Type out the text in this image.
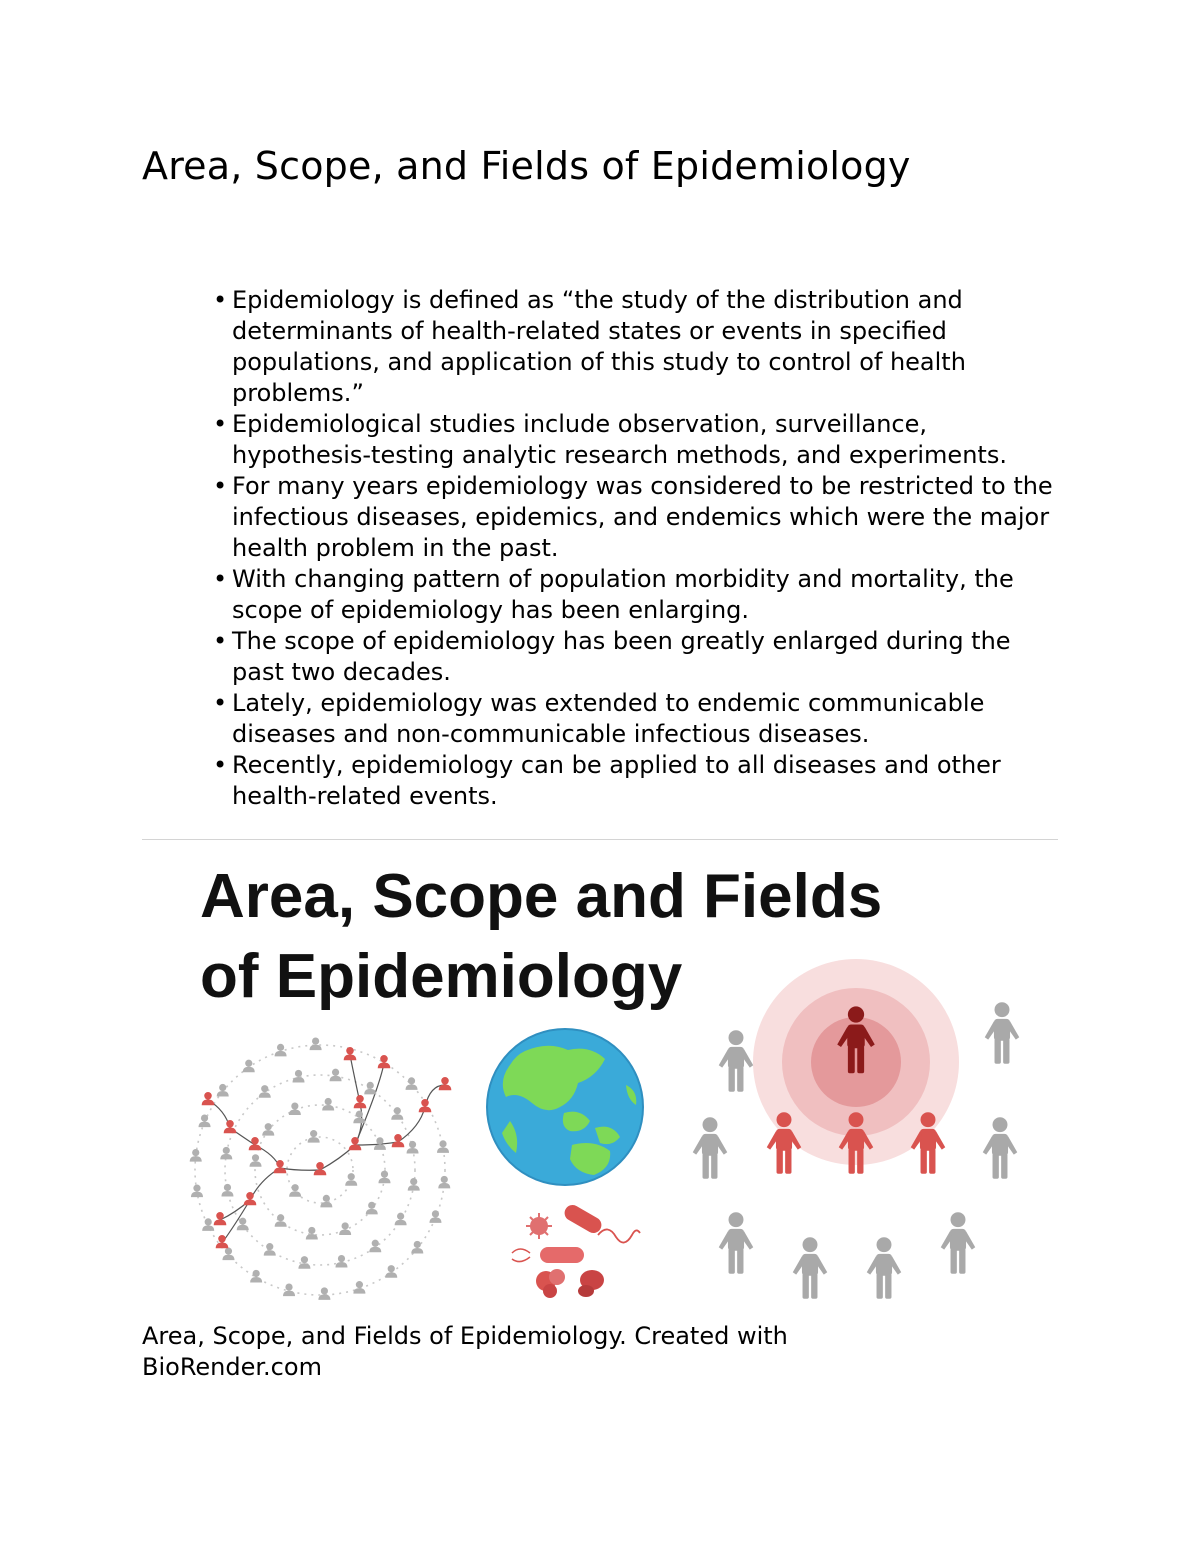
Area, Scope, and Fields of Epidemiology
• Epidemiology is defined as “the study of the distribution and determinants of health-related states or events in specified populations, and application of this study to control of health problems.”
• Epidemiological studies include observation, surveillance, hypothesis-testing analytic research methods, and experiments.
• For many years epidemiology was considered to be restricted to the infectious diseases, epidemics, and endemics which were the major health problem in the past.
• With changing pattern of population morbidity and mortality, the scope of epidemiology has been enlarging.
• The scope of epidemiology has been greatly enlarged during the past two decades.
• Lately, epidemiology was extended to endemic communicable diseases and non-communicable infectious diseases.
• Recently, epidemiology can be applied to all diseases and other health-related events.
Area, Scope and Fields
of Epidemiology

Area, Scope, and Fields of Epidemiology. Created with BioRender.com
